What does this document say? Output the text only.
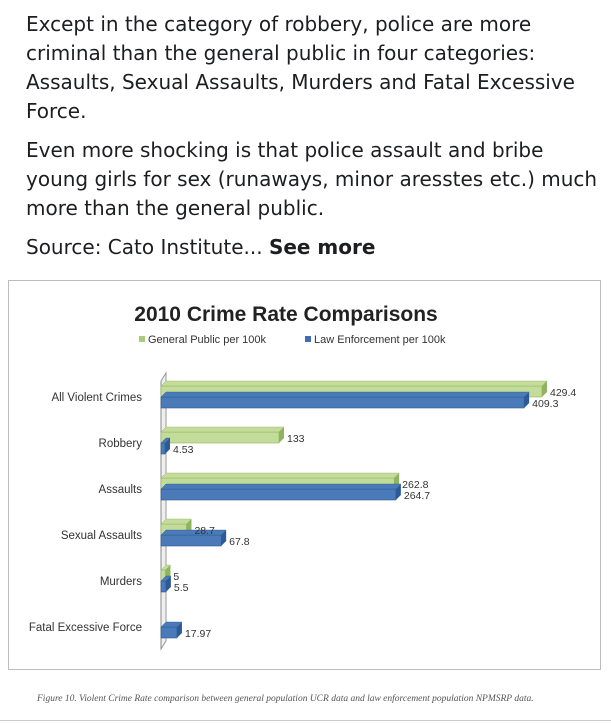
Except in the category of robbery, police are more criminal than the general public in four categories: Assaults, Sexual Assaults, Murders and Fatal Excessive Force.

Even more shocking is that police assault and bribe young girls for sex (runaways, minor aresstes etc.) much more than the general public.

Source: Cato Institute... See more

2010 Crime Rate Comparisons
General Public per 100k	Law Enforcement per 100k
All Violent Crimes
Robbery
Assaults
Sexual Assaults
Murders
Fatal Excessive Force
429.4
409.3
133
4.53
262.8
264.7
28.7
67.8
5
5.5
17.97
Figure 10. Violent Crime Rate comparison between general population UCR data and law enforcement population NPMSRP data.
